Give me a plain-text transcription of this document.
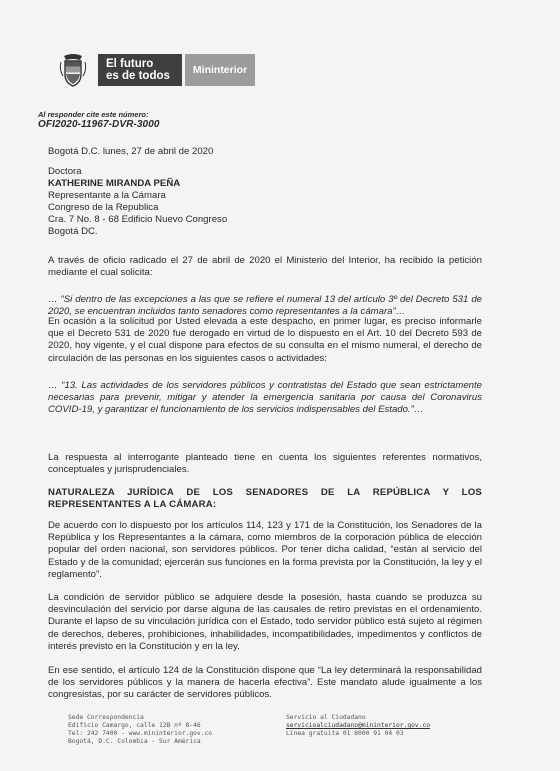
El futuro
es de todos	Mininterior
Al responder cite este número:
OFI2020-11967-DVR-3000
Bogotá D.C. lunes, 27 de abril de 2020
Doctora
KATHERINE MIRANDA PEÑA
Representante a la Cámara
Congreso de la Republica
Cra. 7 No. 8 - 68 Edificio Nuevo Congreso
Bogotá DC.
A través de oficio radicado el 27 de abril de 2020 el Ministerio del Interior, ha recibido la petición mediante el cual solicita:
… “Si dentro de las excepciones a las que se refiere el numeral 13 del artículo 3º del Decreto 531 de 2020, se encuentran incluidos tanto senadores como representantes a la cámara”…
En ocasión a la solicitud por Usted elevada a este despacho, en primer lugar, es preciso informarle que el Decreto 531 de 2020 fue derogado en virtud de lo dispuesto en el Art. 10 del Decreto 593 de 2020, hoy vigente, y el cual dispone para efectos de su consulta en el mismo numeral, el derecho de circulación de las personas en los siguientes casos o actividades:
… “13. Las actividades de los servidores públicos y contratistas del Estado que sean estrictamente necesarias para prevenir, mitigar y atender la emergencia sanitaria por causa del Coronavirus COVID-19, y garantizar el funcionamiento de los servicios indispensables del Estado.”…
La respuesta al interrogante planteado tiene en cuenta los siguientes referentes normativos, conceptuales y jurisprudenciales.
NATURALEZA JURÍDICA DE LOS SENADORES DE LA REPÚBLICA Y LOS REPRESENTANTES A LA CÁMARA:
De acuerdo con lo dispuesto por los artículos 114, 123 y 171 de la Constitución, los Senadores de la República y los Representantes a la cámara, como miembros de la corporación pública de elección popular del orden nacional, son servidores públicos. Por tener dicha calidad, “están al servicio del Estado y de la comunidad; ejercerán sus funciones en la forma prevista por la Constitución, la ley y el reglamento”.
La condición de servidor público se adquiere desde la posesión, hasta cuando se produzca su desvinculación del servicio por darse alguna de las causales de retiro previstas en el ordenamiento. Durante el lapso de su vinculación jurídica con el Estado, todo servidor público está sujeto al régimen de derechos, deberes, prohibiciones, inhabilidades, incompatibilidades, impedimentos y conflictos de interés previsto en la Constitución y en la ley.
En ese sentido, el artículo 124 de la Constitución dispone que “La ley determinará la responsabilidad de los servidores públicos y la manera de hacerla efectiva”. Este mandato alude igualmente a los congresistas, por su carácter de servidores públicos.
Sede Correspondencia
Edificio Camargo, calle 12B nº 8-46
Tel: 242 7400 - www.mininterior.gov.co
Bogotá, D.C. Colombia - Sur América
Servicio al Ciudadano
servicioalciudadano@mininterior.gov.co
Línea gratuita 01 8000 91 04 03
